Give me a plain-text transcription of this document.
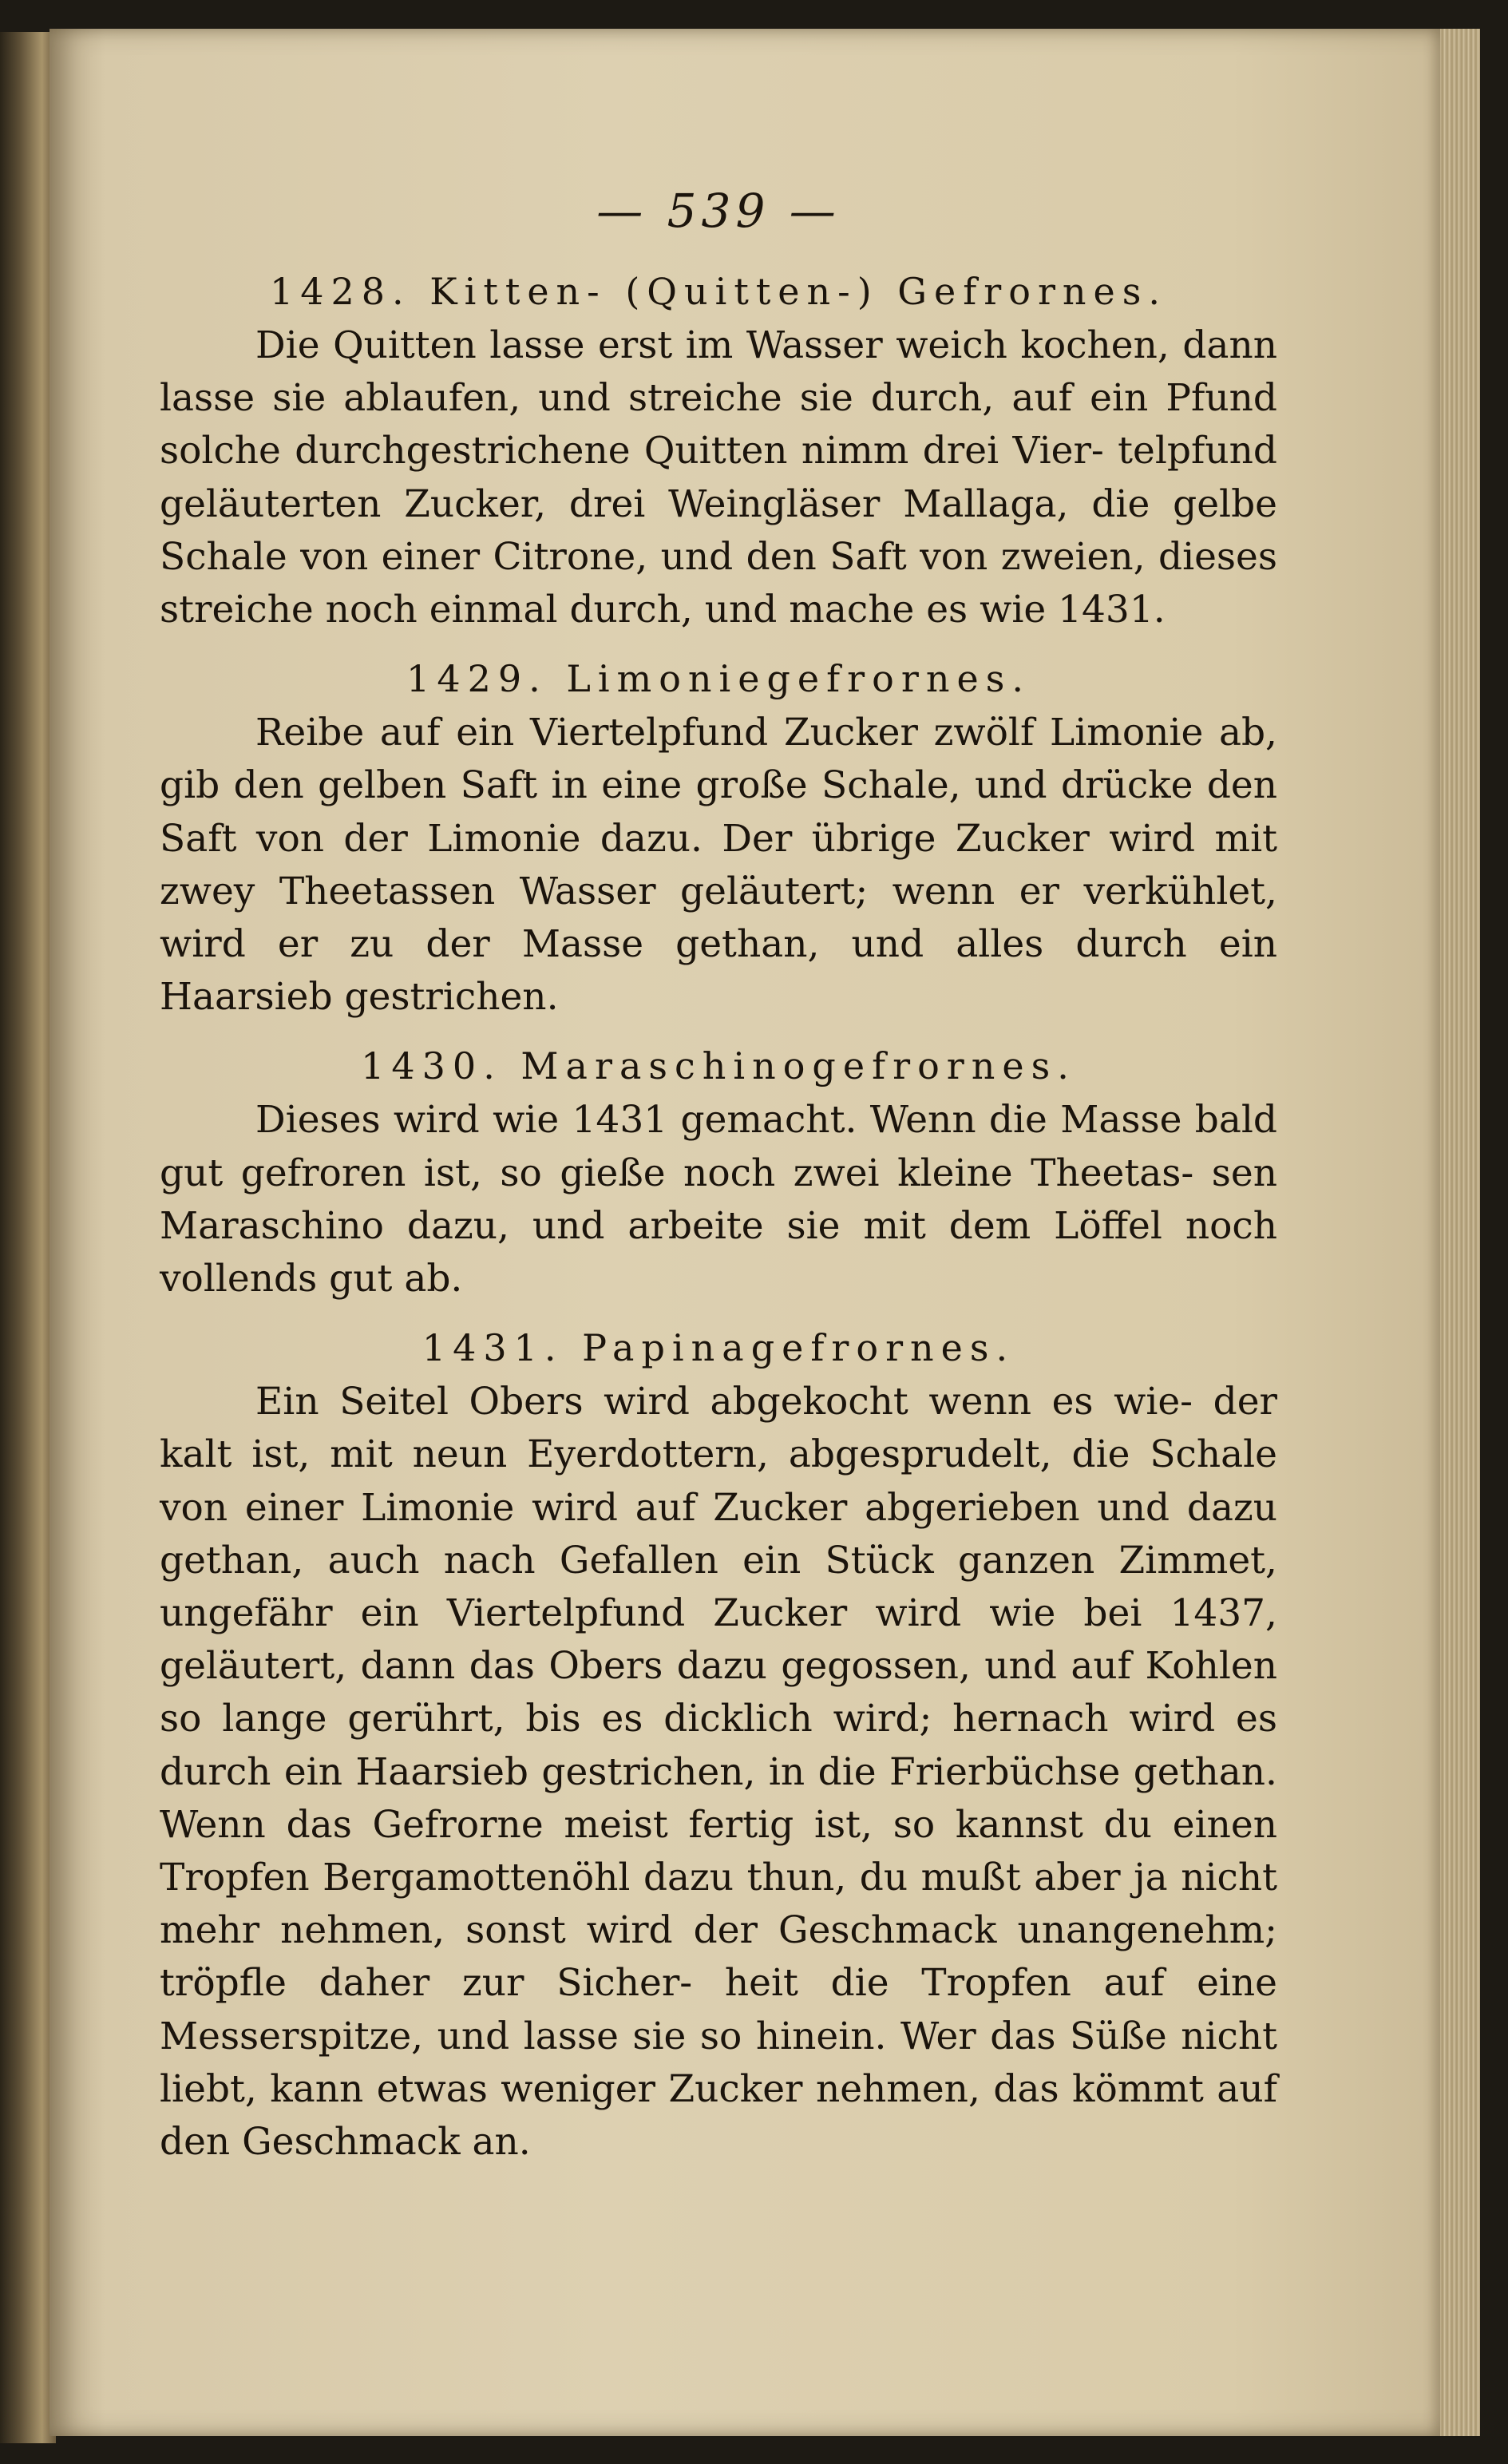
— 539 —
1428. Kitten- (Quitten-) Gefrornes.

Die Quitten lasse erst im Wasser weich kochen, dann lasse sie ablaufen, und streiche sie durch, auf ein Pfund solche durchgestrichene Quitten nimm drei Vier- telpfund geläuterten Zucker, drei Weingläser Mallaga, die gelbe Schale von einer Citrone, und den Saft von zweien, dieses streiche noch einmal durch, und mache es wie 1431.

1429. Limoniegefrornes.

Reibe auf ein Viertelpfund Zucker zwölf Limonie ab, gib den gelben Saft in eine große Schale, und drücke den Saft von der Limonie dazu. Der übrige Zucker wird mit zwey Theetassen Wasser geläutert; wenn er verkühlet, wird er zu der Masse gethan, und alles durch ein Haarsieb gestrichen.

1430. Maraschinogefrornes.

Dieses wird wie 1431 gemacht. Wenn die Masse bald gut gefroren ist, so gieße noch zwei kleine Theetas- sen Maraschino dazu, und arbeite sie mit dem Löffel noch vollends gut ab.

1431. Papinagefrornes.

Ein Seitel Obers wird abgekocht wenn es wie- der kalt ist, mit neun Eyerdottern, abgesprudelt, die Schale von einer Limonie wird auf Zucker abgerieben und dazu gethan, auch nach Gefallen ein Stück ganzen Zimmet, ungefähr ein Viertelpfund Zucker wird wie bei 1437, geläutert, dann das Obers dazu gegossen, und auf Kohlen so lange gerührt, bis es dicklich wird; hernach wird es durch ein Haarsieb gestrichen, in die Frierbüchse gethan. Wenn das Gefrorne meist fertig ist, so kannst du einen Tropfen Bergamottenöhl dazu thun, du mußt aber ja nicht mehr nehmen, sonst wird der Geschmack unangenehm; tröpfle daher zur Sicher- heit die Tropfen auf eine Messerspitze, und lasse sie so hinein. Wer das Süße nicht liebt, kann etwas weniger Zucker nehmen, das kömmt auf den Geschmack an.
